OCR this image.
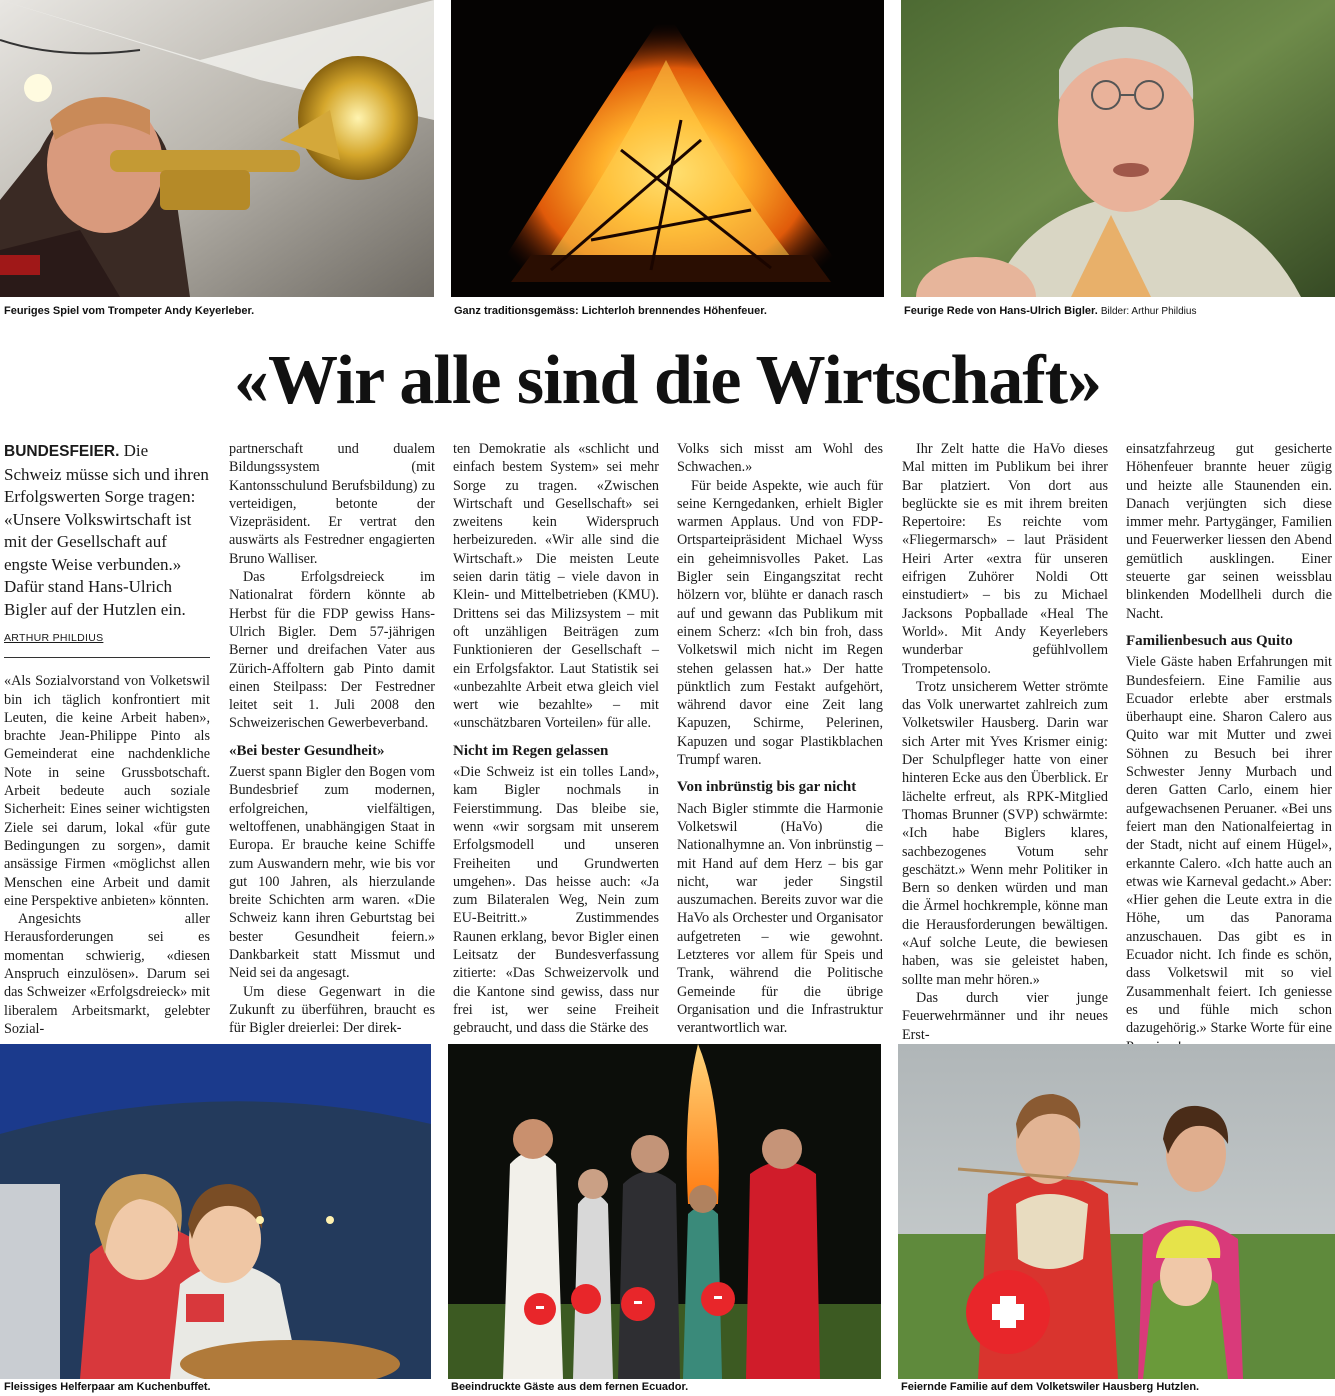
Feuriges Spiel vom Trompeter Andy Keyerleber.	Ganz traditionsgemäss: Lichterloh brennendes Höhenfeuer.	Feurige Rede von Hans-Ulrich Bigler. Bilder: Arthur Phildius
«Wir alle sind die Wirtschaft»

BUNDESFEIER. Die Schweiz müsse sich und ihren Erfolgswerten Sorge tragen: «Unsere Volkswirtschaft ist mit der Gesellschaft auf engste Weise verbunden.» Dafür stand Hans-Ulrich Bigler auf der Hutzlen ein.

ARTHUR PHILDIUS

«Als Sozialvorstand von Volketswil bin ich täglich konfrontiert mit Leuten, die keine Arbeit haben», brachte Jean-Philippe Pinto als Gemeinderat eine nachdenkliche Note in seine Grussbotschaft. Arbeit bedeute auch soziale Sicherheit: Eines seiner wichtigsten Ziele sei darum, lokal «für gute Bedingungen zu sorgen», damit ansässige Firmen «möglichst allen Menschen eine Arbeit und damit eine Perspektive anbieten» könnten.

Angesichts aller Herausforderungen sei es momentan schwierig, «diesen Anspruch einzulösen». Darum sei das Schweizer «Erfolgsdreieck» mit liberalem Arbeitsmarkt, gelebter Sozial-

partnerschaft und dualem Bildungssystem (mit Kantonsschulund Berufsbildung) zu verteidigen, betonte der Vizepräsident. Er vertrat den auswärts als Festredner engagierten Bruno Walliser.

Das Erfolgsdreieck im Nationalrat fördern könnte ab Herbst für die FDP gewiss Hans-Ulrich Bigler. Dem 57-jährigen Berner und dreifachen Vater aus Zürich-Affoltern gab Pinto damit einen Steilpass: Der Festredner leitet seit 1. Juli 2008 den Schweizerischen Gewerbeverband.

«Bei bester Gesundheit»

Zuerst spann Bigler den Bogen vom Bundesbrief zum modernen, erfolgreichen, vielfältigen, weltoffenen, unabhängigen Staat in Europa. Er brauche keine Schiffe zum Auswandern mehr, wie bis vor gut 100 Jahren, als hierzulande breite Schichten arm waren. «Die Schweiz kann ihren Geburtstag bei bester Gesundheit feiern.» Dankbarkeit statt Missmut und Neid sei da angesagt.

Um diese Gegenwart in die Zukunft zu überführen, braucht es für Bigler dreierlei: Der direk-

ten Demokratie als «schlicht und einfach bestem System» sei mehr Sorge zu tragen. «Zwischen Wirtschaft und Gesellschaft» sei zweitens kein Widerspruch herbeizureden. «Wir alle sind die Wirtschaft.» Die meisten Leute seien darin tätig – viele davon in Klein- und Mittelbetrieben (KMU). Drittens sei das Milizsystem – mit oft unzähligen Beiträgen zum Funktionieren der Gesellschaft – ein Erfolgsfaktor. Laut Statistik sei «unbezahlte Arbeit etwa gleich viel wert wie bezahlte» – mit «unschätzbaren Vorteilen» für alle.

Nicht im Regen gelassen

«Die Schweiz ist ein tolles Land», kam Bigler nochmals in Feierstimmung. Das bleibe sie, wenn «wir sorgsam mit unserem Erfolgsmodell und unseren Freiheiten und Grundwerten umgehen». Das heisse auch: «Ja zum Bilateralen Weg, Nein zum EU-Beitritt.» Zustimmendes Raunen erklang, bevor Bigler einen Leitsatz der Bundesverfassung zitierte: «Das Schweizervolk und die Kantone sind gewiss, dass nur frei ist, wer seine Freiheit gebraucht, und dass die Stärke des

Volks sich misst am Wohl des Schwachen.»

Für beide Aspekte, wie auch für seine Kerngedanken, erhielt Bigler warmen Applaus. Und von FDP-Ortsparteipräsident Michael Wyss ein geheimnisvolles Paket. Las Bigler sein Eingangszitat recht hölzern vor, blühte er danach rasch auf und gewann das Publikum mit einem Scherz: «Ich bin froh, dass Volketswil mich nicht im Regen stehen gelassen hat.» Der hatte pünktlich zum Festakt aufgehört, während davor eine Zeit lang Kapuzen, Schirme, Pelerinen, Kapuzen und sogar Plastikblachen Trumpf waren.

Von inbrünstig bis gar nicht

Nach Bigler stimmte die Harmonie Volketswil (HaVo) die Nationalhymne an. Von inbrünstig – mit Hand auf dem Herz – bis gar nicht, war jeder Singstil auszumachen. Bereits zuvor war die HaVo als Orchester und Organisator aufgetreten – wie gewohnt. Letzteres vor allem für Speis und Trank, während die Politische Gemeinde für die übrige Organisation und die Infrastruktur verantwortlich war.

Ihr Zelt hatte die HaVo dieses Mal mitten im Publikum bei ihrer Bar platziert. Von dort aus beglückte sie es mit ihrem breiten Repertoire: Es reichte vom «Fliegermarsch» – laut Präsident Heiri Arter «extra für unseren eifrigen Zuhörer Noldi Ott einstudiert» – bis zu Michael Jacksons Popballade «Heal The World». Mit Andy Keyerlebers wunderbar gefühlvollem Trompetensolo.

Trotz unsicherem Wetter strömte das Volk unerwartet zahlreich zum Volketswiler Hausberg. Darin war sich Arter mit Yves Krismer einig: Der Schulpfleger hatte von einer hinteren Ecke aus den Überblick. Er lächelte erfreut, als RPK-Mitglied Thomas Brunner (SVP) schwärmte: «Ich habe Biglers klares, sachbezogenes Votum sehr geschätzt.» Wenn mehr Politiker in Bern so denken würden und man die Ärmel hochkremple, könne man die Herausforderungen bewältigen. «Auf solche Leute, die bewiesen haben, was sie geleistet haben, sollte man mehr hören.»

Das durch vier junge Feuerwehrmänner und ihr neues Erst-

einsatzfahrzeug gut gesicherte Höhenfeuer brannte heuer zügig und heizte alle Staunenden ein. Danach verjüngten sich diese immer mehr. Partygänger, Familien und Feuerwerker liessen den Abend gemütlich ausklingen. Einer steuerte gar seinen weissblau blinkenden Modellheli durch die Nacht.

Familienbesuch aus Quito

Viele Gäste haben Erfahrungen mit Bundesfeiern. Eine Familie aus Ecuador erlebte aber erstmals überhaupt eine. Sharon Calero aus Quito war mit Mutter und zwei Söhnen zu Besuch bei ihrer Schwester Jenny Murbach und deren Gatten Carlo, einem hier aufgewachsenen Peruaner. «Bei uns feiert man den Nationalfeiertag in der Stadt, nicht auf einem Hügel», erkannte Calero. «Ich hatte auch an etwas wie Karneval gedacht.» Aber: «Hier gehen die Leute extra in die Höhe, um das Panorama anzuschauen. Das gibt es in Ecuador nicht. Ich finde es schön, dass Volketswil mit so viel Zusammenhalt feiert. Ich geniesse es und fühle mich schon dazugehörig.» Starke Worte für eine

Fleissiges Helferpaar am Kuchenbuffet.	Beeindruckte Gäste aus dem fernen Ecuador.	Feiernde Familie auf dem Volketswiler Hausberg Hutzlen.
